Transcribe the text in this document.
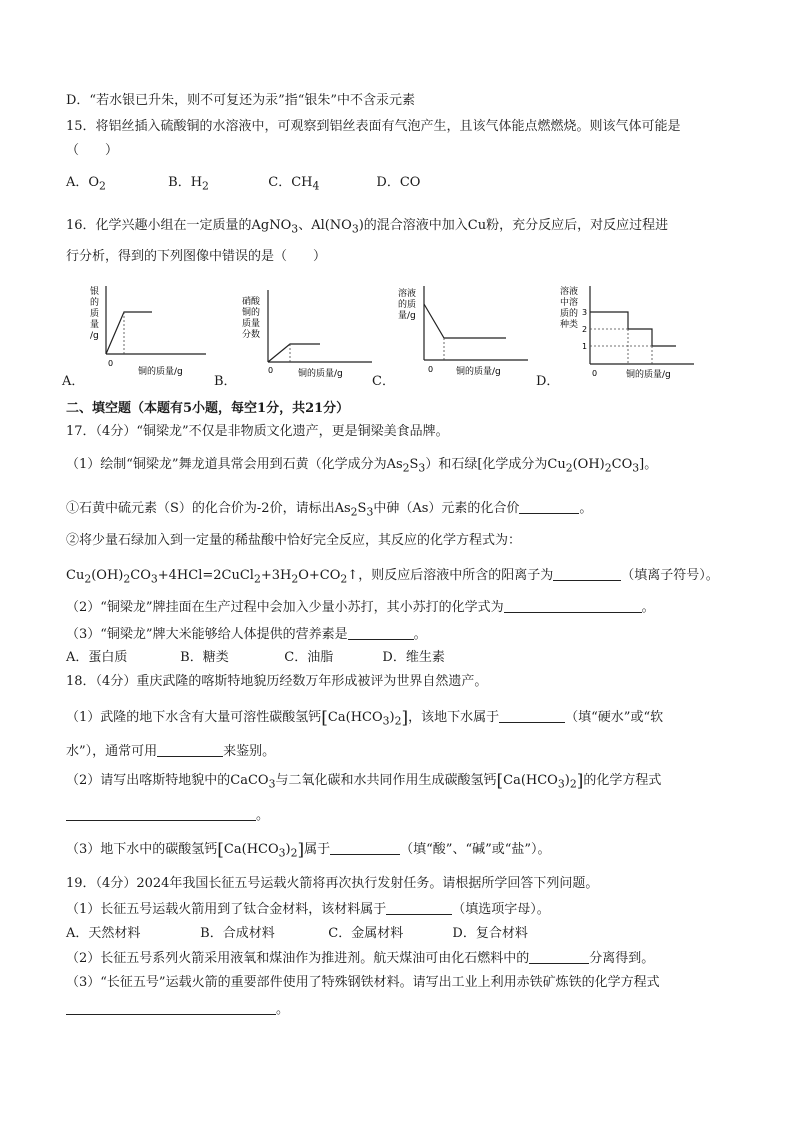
D．“若水银已升朱，则不可复还为汞”指“银朱”中不含汞元素
15．将铝丝插入硫酸铜的水溶液中，可观察到铝丝表面有气泡产生，且该气体能点燃燃烧。则该气体可能是
（　　）
A．$O_2$	B．$H_2$	C．$CH_4$	D．CO
16．化学兴趣小组在一定质量的AgNO$_3$、$Al(NO_3)$的混合溶液中加入Cu粉，充分反应后，对反应过程进
行分析，得到的下列图像中错误的是（　　）
银
的
质
量
/g
0
铜的质量/g
硝酸
铜的
质量
分数
0	铜的质量/g
溶液
的质
量/g
0	铜的质量/g
溶液
中溶
质的
种类
3
2
1
0	铜的质量/g
A．	B．	C．	D．
二、填空题（本题有5小题，每空1分，共21分）
17．（4分）“铜梁龙”不仅是非物质文化遗产，更是铜梁美食品牌。
（1）绘制“铜梁龙”舞龙道具常会用到石黄（化学成分为$As_2S_3$）和石绿[化学成分为$Cu_2(OH)_2CO_3$]。
①石黄中硫元素（S）的化合价为-2价，请标出$As_2S_3$中砷（As）元素的化合价	。
②将少量石绿加入到一定量的稀盐酸中恰好完全反应，其反应的化学方程式为：
$Cu_2(OH)_2CO_3+4HCl=2CuCl_2+3H_2O+CO_2↑$，则反应后溶液中所含的阳离子为	（填离子符号）。
（2）“铜梁龙”牌挂面在生产过程中会加入少量小苏打，其小苏打的化学式为	。
（3）“铜梁龙”牌大米能够给人体提供的营养素是	。
A．蛋白质	B．糖类	C．油脂	D．维生素
18．（4分）重庆武隆的喀斯特地貌历经数万年形成被评为世界自然遗产。
（1）武隆的地下水含有大量可溶性碳酸氢钙$[Ca(HCO_3)_2]$，该地下水属于	（填“硬水”或“软
水”），通常可用	来鉴别。
（2）请写出喀斯特地貌中的CaCO$_3$与二氧化碳和水共同作用生成碳酸氢钙$[Ca(HCO_3)_2]$的化学方程式
。
（3）地下水中的碳酸氢钙$[Ca(HCO_3)_2]$属于	（填“酸”、“碱”或“盐”）。
19．（4分）2024年我国长征五号运载火箭将再次执行发射任务。请根据所学回答下列问题。
（1）长征五号运载火箭用到了钛合金材料，该材料属于	（填选项字母）。
A．天然材料	B．合成材料	C．金属材料	D．复合材料
（2）长征五号系列火箭采用液氧和煤油作为推进剂。航天煤油可由化石燃料中的	分离得到。
（3）“长征五号”运载火箭的重要部件使用了特殊钢铁材料。请写出工业上利用赤铁矿炼铁的化学方程式
。
